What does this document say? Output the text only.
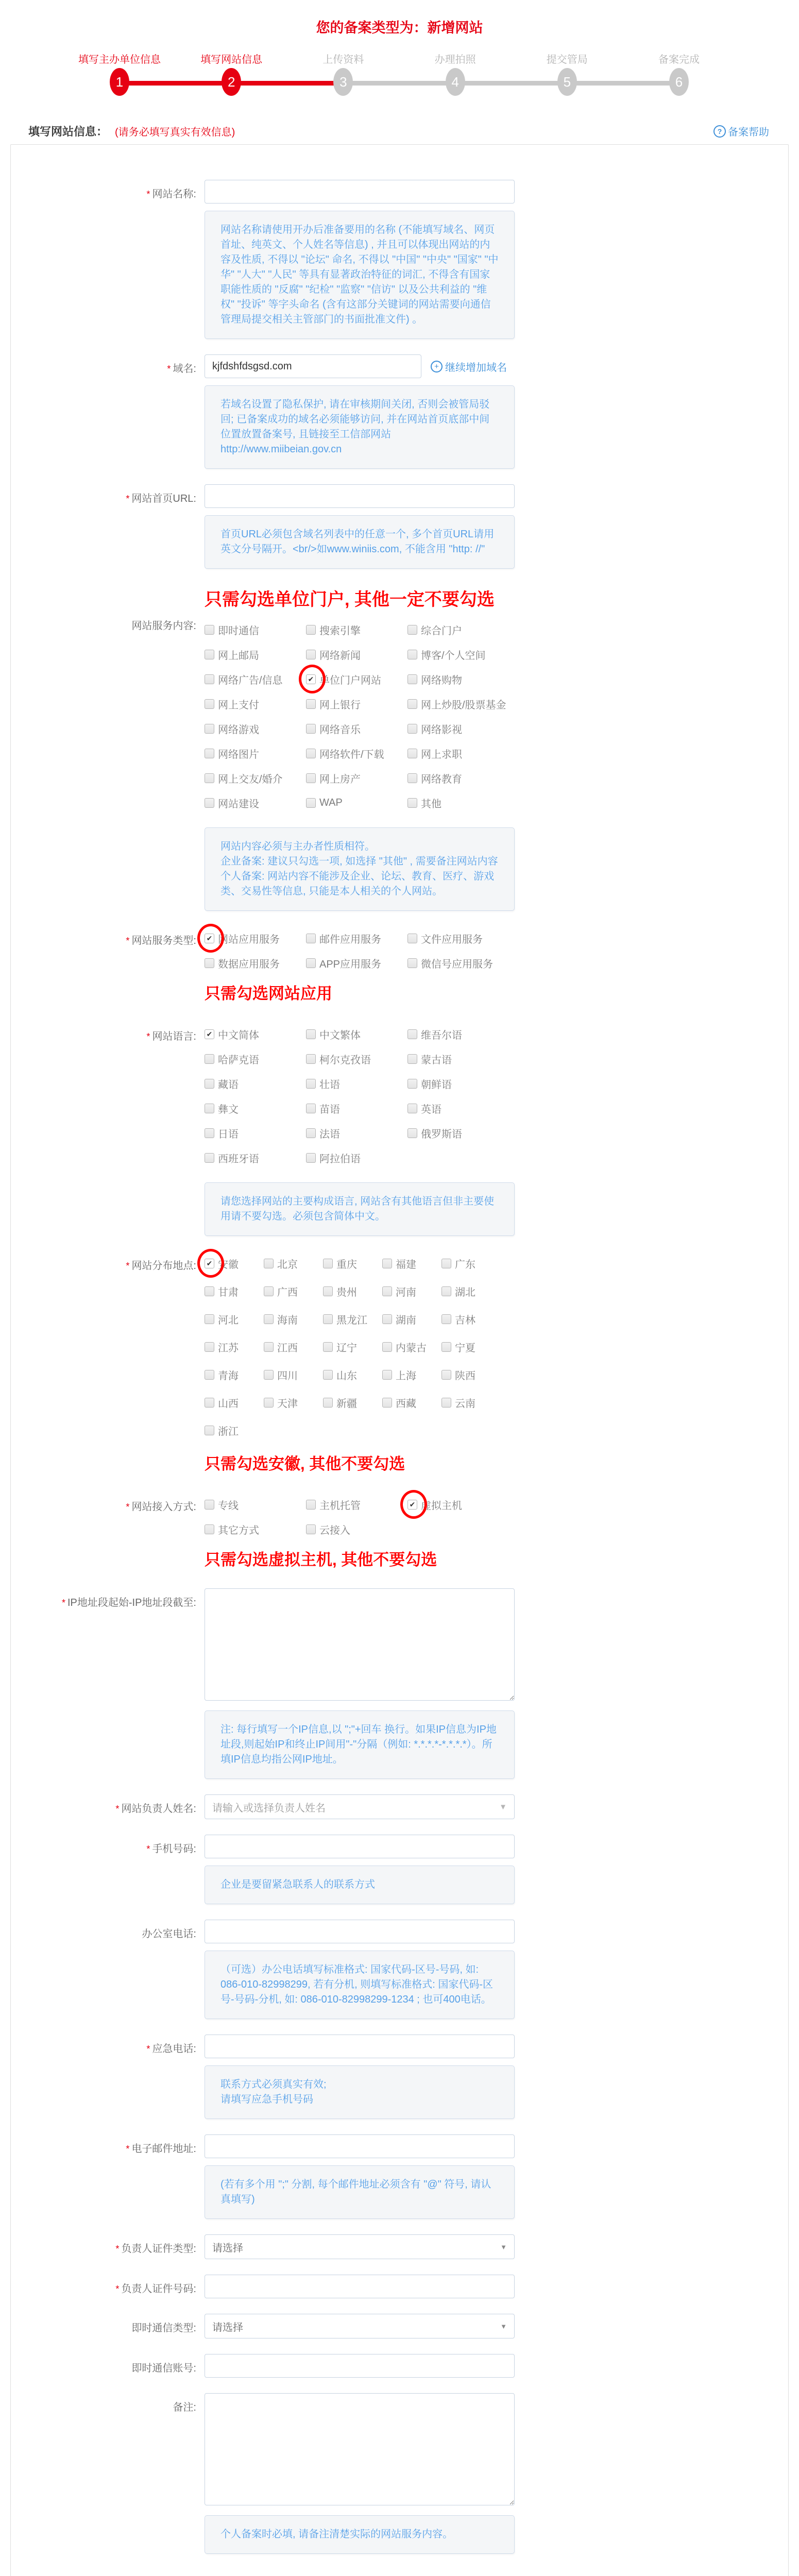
您的备案类型为：新增网站
填写主办单位信息
1
填写网站信息
2
上传资料
3
办理拍照
4
提交管局
5
备案完成
6
填写网站信息： (请务必填写真实有效信息)	? 备案帮助
* 网站名称:
网站名称请使用开办后准备要用的名称 (不能填写域名、网页首址、纯英文、个人姓名等信息) , 并且可以体现出网站的内容及性质, 不得以 "论坛" 命名, 不得以 "中国" "中央" "国家" "中华" "人大" "人民" 等具有显著政治特征的词汇, 不得含有国家职能性质的 "反腐" "纪检" "监察" "信访" 以及公共利益的 "维权" "投诉" 等字头命名 (含有这部分关键词的网站需要向通信管理局提交相关主管部门的书面批准文件) 。
* 域名:
kjfdshfdsgsd.com	+ 继续增加域名
若域名设置了隐私保护, 请在审核期间关闭, 否则会被管局驳回; 已备案成功的域名必须能够访问, 并在网站首页底部中间位置放置备案号, 且链接至工信部网站http://www.miibeian.gov.cn
* 网站首页URL:
首页URL必须包含域名列表中的任意一个, 多个首页URL请用英文分号隔开。<br/>如www.winiis.com, 不能含用 "http: //"
网站服务内容:
只需勾选单位门户, 其他一定不要勾选
即时通信	搜索引擎	综合门户
网上邮局	网络新闻	博客/个人空间
网络广告/信息	✔ 单位门户网站	网络购物
网上支付	网上银行	网上炒股/股票基金
网络游戏	网络音乐	网络影视
网络图片	网络软件/下载	网上求职
网上交友/婚介	网上房产	网络教育
网站建设	WAP	其他
网站内容必须与主办者性质相符。
企业备案: 建议只勾选一项, 如选择 "其他" , 需要备注网站内容
个人备案: 网站内容不能涉及企业、论坛、教育、医疗、游戏类、交易性等信息, 只能是本人相关的个人网站。
* 网站服务类型:	✔ 网站应用服务	邮件应用服务	文件应用服务
数据应用服务	APP应用服务	微信号应用服务
只需勾选网站应用
* 网站语言:	✔ 中文简体	中文繁体	维吾尔语
哈萨克语	柯尔克孜语	蒙古语
藏语	壮语	朝鲜语
彝文	苗语	英语
日语	法语	俄罗斯语
西班牙语	阿拉伯语
请您选择网站的主要构成语言, 网站含有其他语言但非主要使用请不要勾选。必须包含简体中文。
* 网站分布地点:	✔ 安徽	北京	重庆	福建	广东
甘肃	广西	贵州	河南	湖北
河北	海南	黑龙江	湖南	吉林
江苏	江西	辽宁	内蒙古	宁夏
青海	四川	山东	上海	陕西
山西	天津	新疆	西藏	云南
浙江
只需勾选安徽, 其他不要勾选
* 网站接入方式:	专线	主机托管	✔ 虚拟主机
其它方式	云接入
只需勾选虚拟主机, 其他不要勾选
* IP地址段起始-IP地址段截至:
注: 每行填写一个IP信息,以 ";"+回车 换行。如果IP信息为IP地址段,则起始IP和终止IP间用"-"分隔（例如: *.*.*.*-*.*.*.*）。所填IP信息均指公网IP地址。
* 网站负责人姓名:	请输入或选择负责人姓名	▼
* 手机号码:
企业是要留紧急联系人的联系方式
办公室电话:
（可选）办公电话填写标准格式: 国家代码-区号-号码, 如: 086-010-82998299, 若有分机, 则填写标准格式: 国家代码-区号-号码-分机, 如: 086-010-82998299-1234 ; 也可400电话。
* 应急电话:
联系方式必须真实有效;
请填写应急手机号码
* 电子邮件地址:
(若有多个用 ";" 分割, 每个邮件地址必须含有 "@" 符号, 请认真填写)
* 负责人证件类型:	请选择	▼
* 负责人证件号码:
即时通信类型:	请选择	▼
即时通信账号:
备注:
个人备案时必填, 请备注清楚实际的网站服务内容。
